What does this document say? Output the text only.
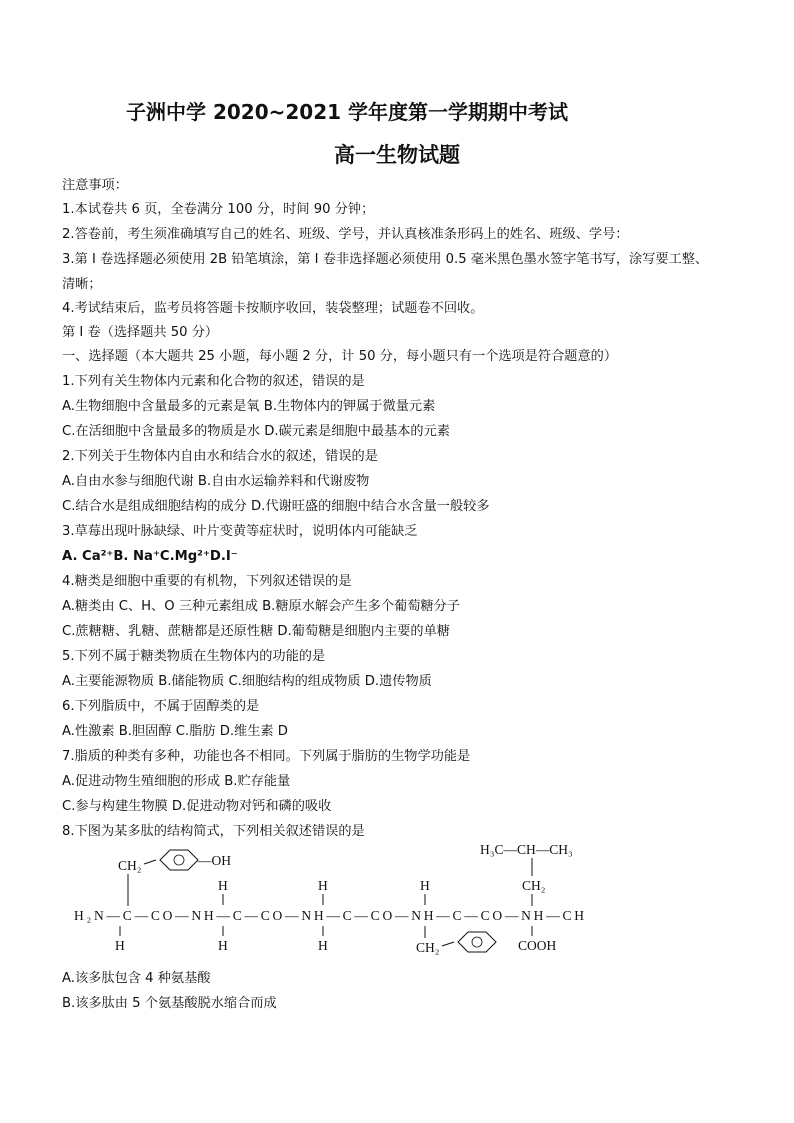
子洲中学 2020~2021 学年度第一学期期中考试
高一生物试题
注意事项：
1.本试卷共 6 页，全卷满分 100 分，时间 90 分钟；
2.答卷前，考生须准确填写自己的姓名、班级、学号，并认真核准条形码上的姓名、班级、学号：
3.第 I 卷选择题必须使用 2B 铅笔填涂，第 I 卷非选择题必须使用 0.5 毫米黑色墨水签字笔书写，涂写要工整、
清晰；
4.考试结束后，监考员将答题卡按顺序收回，装袋整理；试题卷不回收。
第 I 卷（选择题共 50 分）
一、选择题（本大题共 25 小题，每小题 2 分，计 50 分，每小题只有一个选项是符合题意的）
1.下列有关生物体内元素和化合物的叙述，错误的是
A.生物细胞中含量最多的元素是氧 B.生物体内的钾属于微量元素
C.在活细胞中含量最多的物质是水 D.碳元素是细胞中最基本的元素
2.下列关于生物体内自由水和结合水的叙述，错误的是
A.自由水参与细胞代谢 B.自由水运输养料和代谢废物
C.结合水是组成细胞结构的成分 D.代谢旺盛的细胞中结合水含量一般较多
3.草莓出现叶脉缺绿、叶片变黄等症状时，说明体内可能缺乏
A. Ca²⁺B. Na⁺C.Mg²⁺D.I⁻
4.糖类是细胞中重要的有机物，下列叙述错误的是
A.糖类由 C、H、O 三种元素组成 B.糖原水解会产生多个葡萄糖分子
C.蔗糖糖、乳糖、蔗糖都是还原性糖 D.葡萄糖是细胞内主要的单糖
5.下列不属于糖类物质在生物体内的功能的是
A.主要能源物质 B.储能物质 C.细胞结构的组成物质 D.遗传物质
6.下列脂质中，不属于固醇类的是
A.性激素 B.胆固醇 C.脂肪 D.维生素 D
7.脂质的种类有多种，功能也各不相同。下列属于脂肪的生物学功能是
A.促进动物生殖细胞的形成 B.贮存能量
C.参与构建生物膜 D.促进动物对钙和磷的吸收
8.下图为某多肽的结构简式，下列相关叙述错误的是
CH₂	—OH
H₃C—CH—CH₃
CH₂
H	H	H
H₂N—C—CO—NH—C—CO—NH—C—CO—NH—C—CO—NH—CH
H	H	H	CH₂	COOH
A.该多肽包含 4 种氨基酸
B.该多肽由 5 个氨基酸脱水缩合而成
